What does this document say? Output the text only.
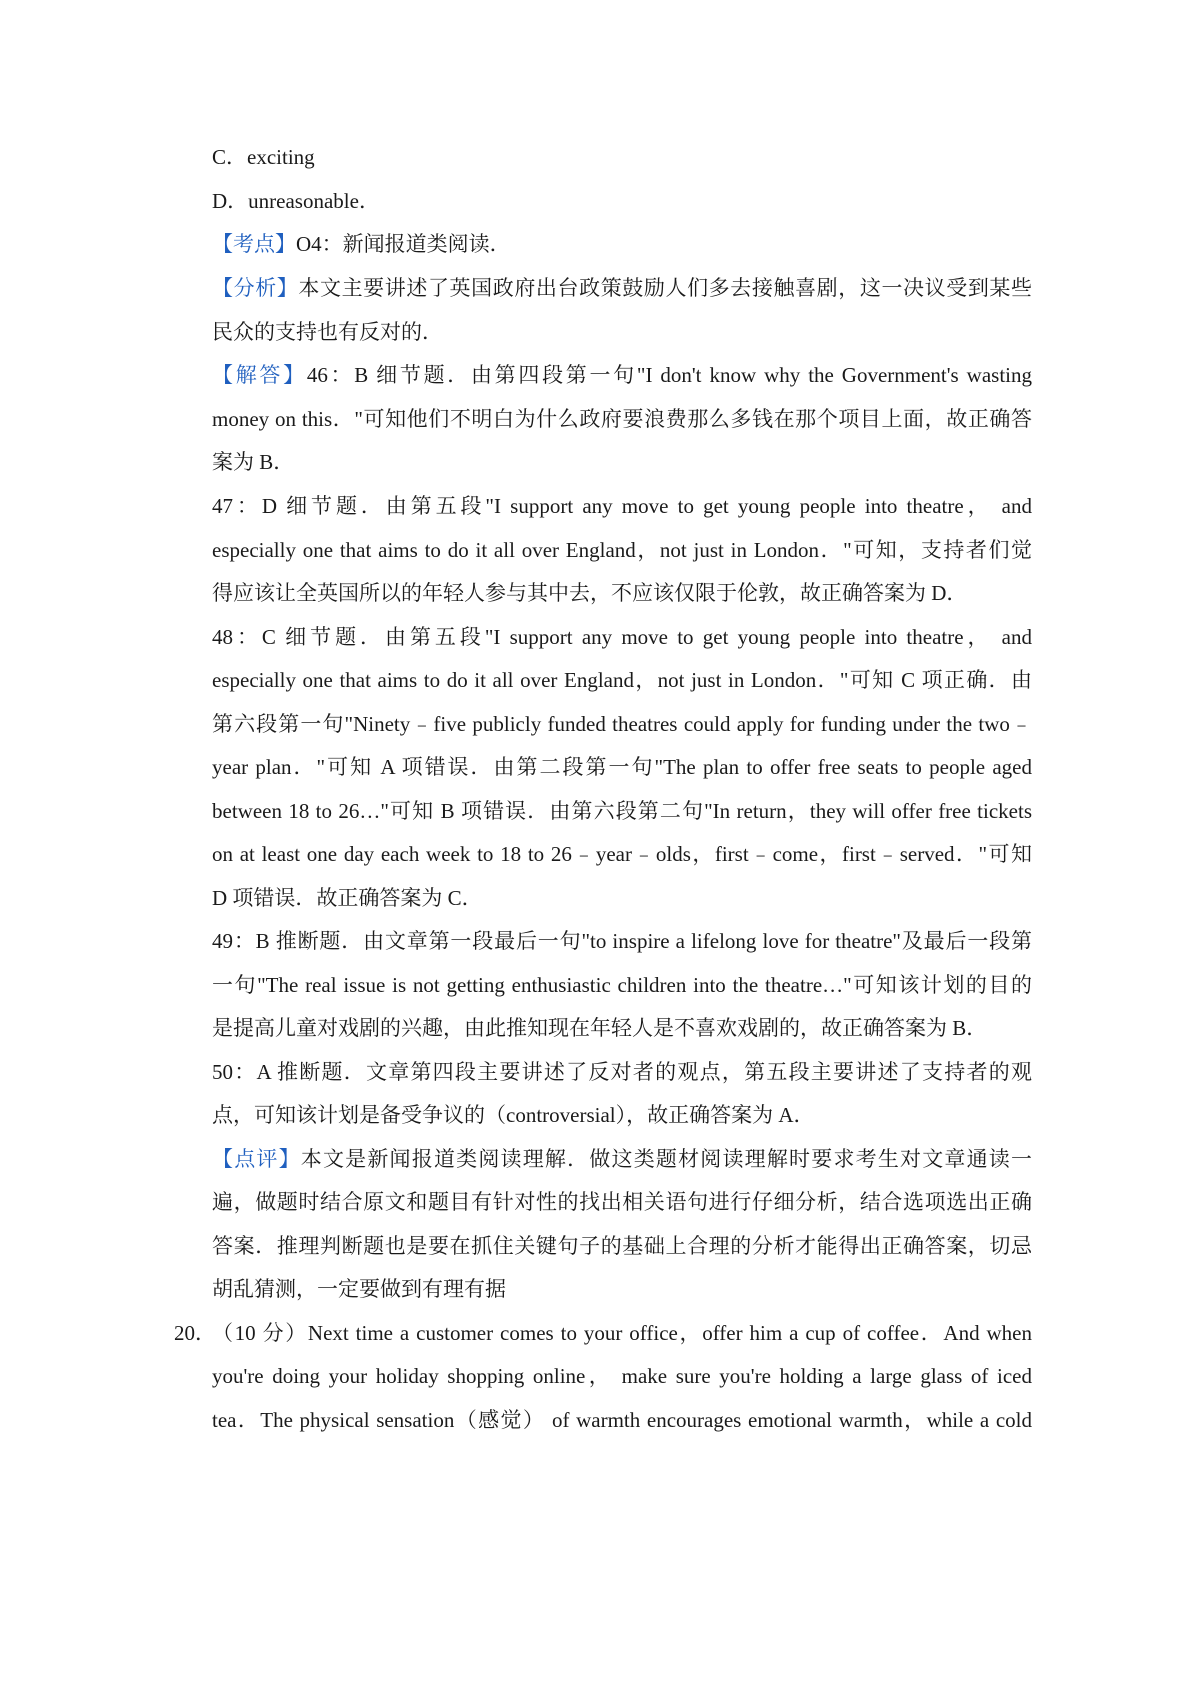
C．exciting
D．unreasonable．
【考点】O4：新闻报道类阅读．
【分析】本文主要讲述了英国政府出台政策鼓励人们多去接触喜剧，这一决议受到某些
民众的支持也有反对的．
【解答】46：B 细节题．由第四段第一句"I don't know why the Government's wasting
money on this．"可知他们不明白为什么政府要浪费那么多钱在那个项目上面，故正确答
案为 B．
47：D 细节题．由第五段"I support any move to get young people into theatre， and
especially one that aims to do it all over England，not just in London．"可知，支持者们觉
得应该让全英国所以的年轻人参与其中去，不应该仅限于伦敦，故正确答案为 D．
48：C 细节题．由第五段"I support any move to get young people into theatre， and
especially one that aims to do it all over England，not just in London．"可知 C 项正确．由
第六段第一句"Ninety﹣five publicly funded theatres could apply for funding under the two﹣
year plan．"可知 A 项错误．由第二段第一句"The plan to offer free seats to people aged
between 18 to 26…"可知 B 项错误．由第六段第二句"In return，they will offer free tickets
on at least one day each week to 18 to 26﹣year﹣olds，first﹣come，first﹣served．"可知
D 项错误．故正确答案为 C．
49：B 推断题．由文章第一段最后一句"to inspire a lifelong love for theatre"及最后一段第
一句"The real issue is not getting enthusiastic children into the theatre…"可知该计划的目的
是提高儿童对戏剧的兴趣，由此推知现在年轻人是不喜欢戏剧的，故正确答案为 B．
50：A 推断题．文章第四段主要讲述了反对者的观点，第五段主要讲述了支持者的观
点，可知该计划是备受争议的（controversial），故正确答案为 A．
【点评】本文是新闻报道类阅读理解．做这类题材阅读理解时要求考生对文章通读一
遍，做题时结合原文和题目有针对性的找出相关语句进行仔细分析，结合选项选出正确
答案．推理判断题也是要在抓住关键句子的基础上合理的分析才能得出正确答案，切忌
胡乱猜测，一定要做到有理有据
20．
（10 分）Next time a customer comes to your office，offer him a cup of coffee．And when
you're doing your holiday shopping online， make sure you're holding a large glass of iced
tea．The physical sensation（感觉） of warmth encourages emotional warmth，while a cold
